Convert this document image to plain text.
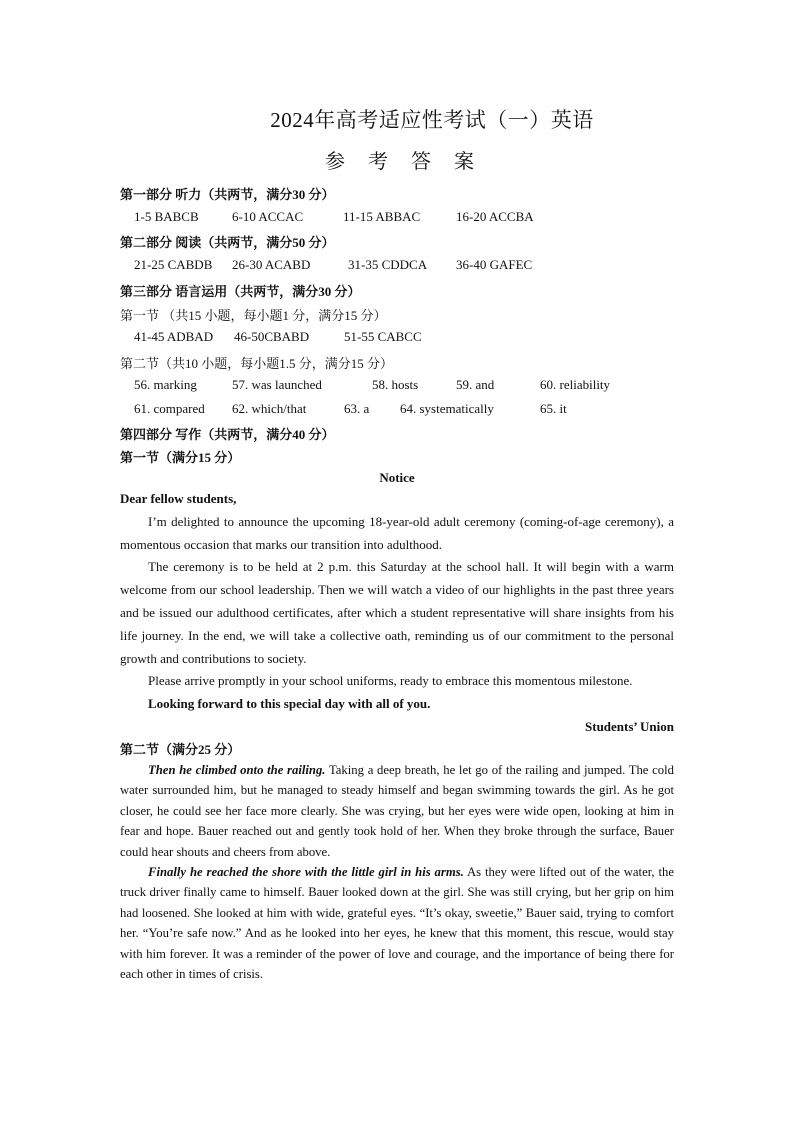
2024年高考适应性考试（一）英语
参 考 答 案
第一部分 听力（共两节，满分30 分）
1-5 BABCB	6-10 ACCAC	11-15 ABBAC	16-20 ACCBA
第二部分 阅读（共两节，满分50 分）
21-25 CABDB 26-30 ACABD	31-35 CDDCA 36-40 GAFEC
第三部分 语言运用（共两节，满分30 分）
第一节 （共15 小题，每小题1 分，满分15 分）
41-45 ADBAD 46-50CBABD	51-55 CABCC
第二节（共10 小题，每小题1.5 分，满分15 分）
56. marking	57. was launched	58. hosts	59. and	60. reliability
61. compared 62. which/that	63. a 64. systematically	65. it
第四部分 写作（共两节，满分40 分）
第一节（满分15 分）
Notice

Dear fellow students,

I’m delighted to announce the upcoming 18-year-old adult ceremony (coming-of-age ceremony), a momentous occasion that marks our transition into adulthood.

The ceremony is to be held at 2 p.m. this Saturday at the school hall. It will begin with a warm welcome from our school leadership. Then we will watch a video of our highlights in the past three years and be issued our adulthood certificates, after which a student representative will share insights from his life journey. In the end, we will take a collective oath, reminding us of our commitment to the personal growth and contributions to society.

Please arrive promptly in your school uniforms, ready to embrace this momentous milestone.

Looking forward to this special day with all of you.

Students’ Union

第二节（满分25 分）

Then he climbed onto the railing. Taking a deep breath, he let go of the railing and jumped. The cold water surrounded him, but he managed to steady himself and began swimming towards the girl. As he got closer, he could see her face more clearly. She was crying, but her eyes were wide open, looking at him in fear and hope. Bauer reached out and gently took hold of her. When they broke through the surface, Bauer could hear shouts and cheers from above.

Finally he reached the shore with the little girl in his arms. As they were lifted out of the water, the truck driver finally came to himself. Bauer looked down at the girl. She was still crying, but her grip on him had loosened. She looked at him with wide, grateful eyes. “It’s okay, sweetie,” Bauer said, trying to comfort her. “You’re safe now.” And as he looked into her eyes, he knew that this moment, this rescue, would stay with him forever. It was a reminder of the power of love and courage, and the importance of being there for each other in times of crisis.
